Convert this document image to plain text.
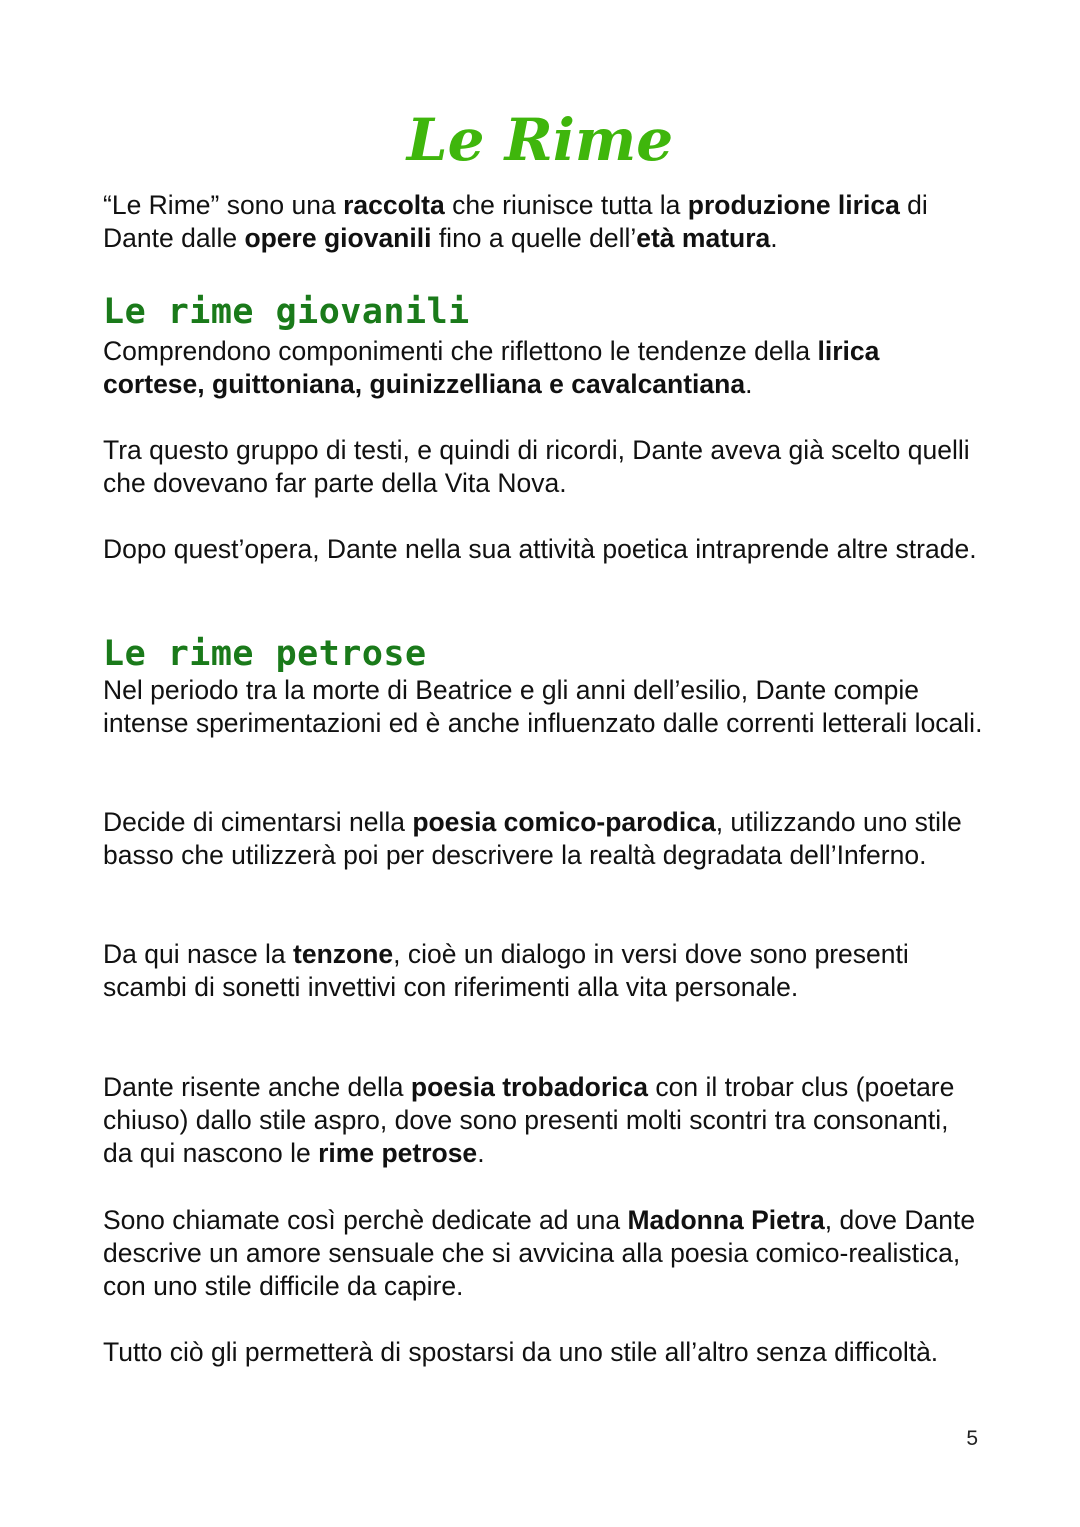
Le Rime

“Le Rime” sono una raccolta che riunisce tutta la produzione lirica di Dante dalle opere giovanili fino a quelle dell’età matura.

Le rime giovanili

Comprendono componimenti che riflettono le tendenze della lirica cortese, guittoniana, guinizzelliana e cavalcantiana.

Tra questo gruppo di testi, e quindi di ricordi, Dante aveva già scelto quelli che dovevano far parte della Vita Nova.

Dopo quest’opera, Dante nella sua attività poetica intraprende altre strade.

Le rime petrose

Nel periodo tra la morte di Beatrice e gli anni dell’esilio, Dante compie intense sperimentazioni ed è anche influenzato dalle correnti letterali locali.

Decide di cimentarsi nella poesia comico-parodica, utilizzando uno stile basso che utilizzerà poi per descrivere la realtà degradata dell’Inferno.

Da qui nasce la tenzone, cioè un dialogo in versi dove sono presenti scambi di sonetti invettivi con riferimenti alla vita personale.

Dante risente anche della poesia trobadorica con il trobar clus (poetare chiuso) dallo stile aspro, dove sono presenti molti scontri tra consonanti, da qui nascono le rime petrose.

Sono chiamate così perchè dedicate ad una Madonna Pietra, dove Dante descrive un amore sensuale che si avvicina alla poesia comico-realistica, con uno stile difficile da capire.

Tutto ciò gli permetterà di spostarsi da uno stile all’altro senza difficoltà.

5
